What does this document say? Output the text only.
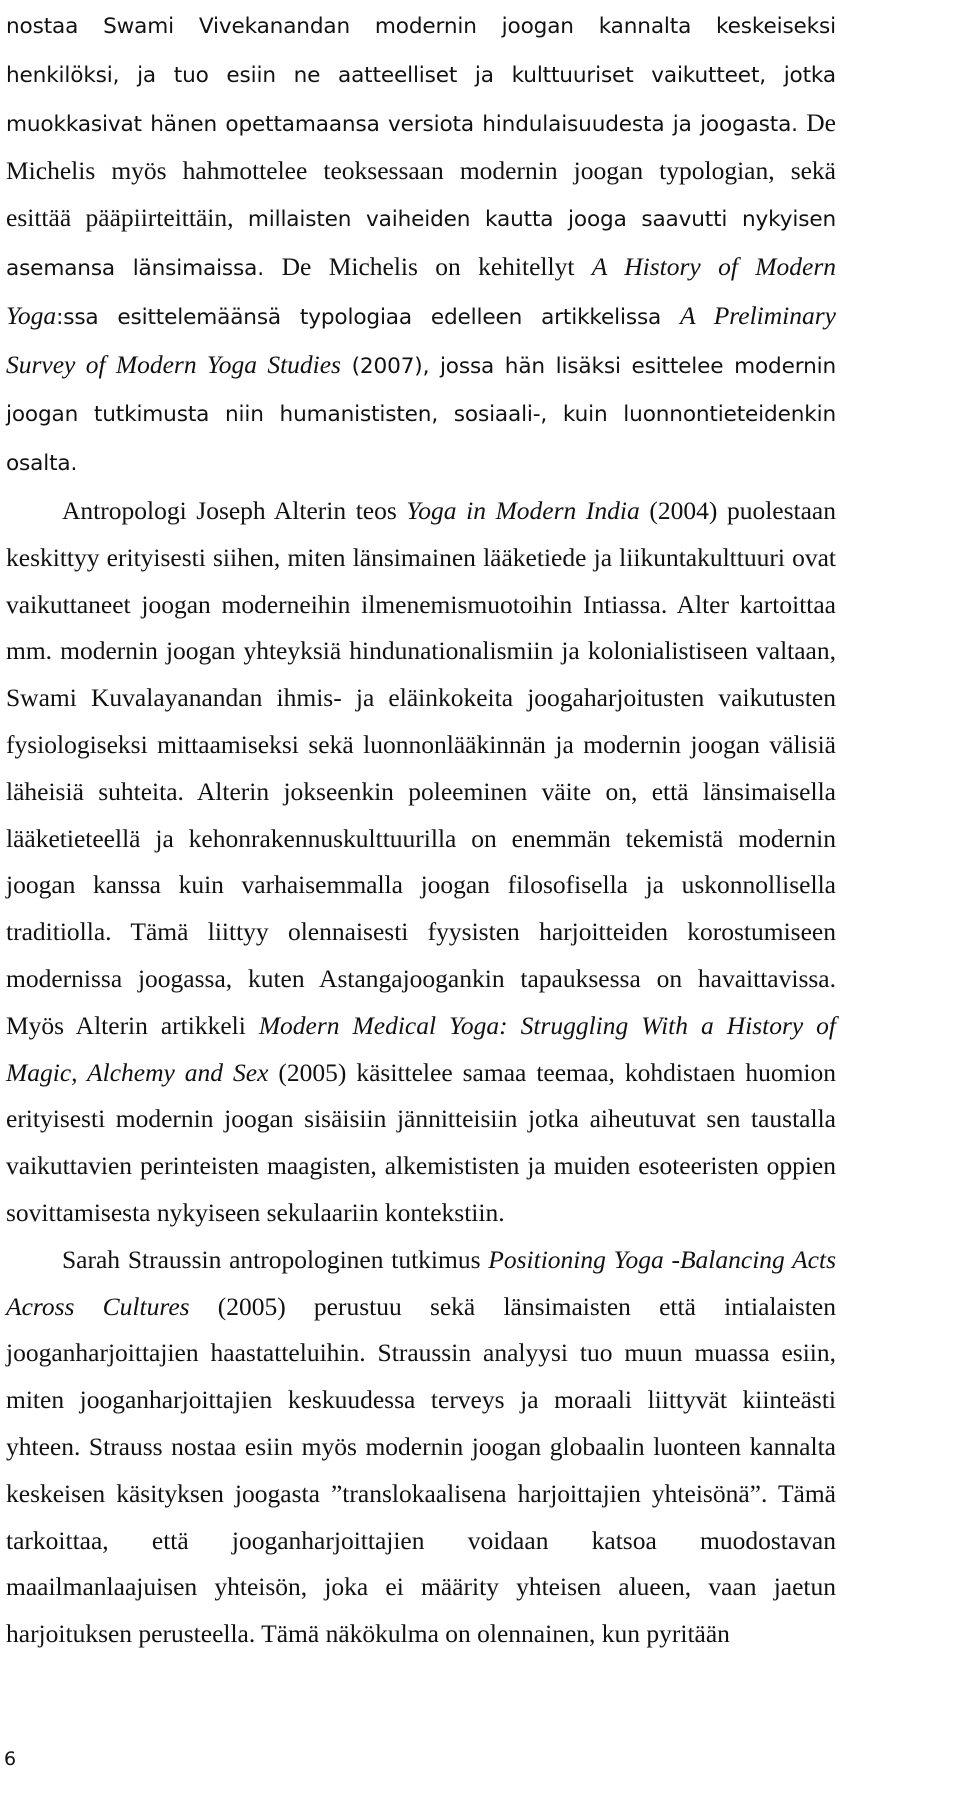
nostaa Swami Vivekanandan modernin joogan kannalta keskeiseksi henkilöksi, ja tuo esiin ne aatteelliset ja kulttuuriset vaikutteet, jotka muokkasivat hänen opettamaansa versiota hindulaisuudesta ja joogasta. De Michelis myös hahmottelee teoksessaan modernin joogan typologian, sekä esittää pääpiirteittäin, millaisten vaiheiden kautta jooga saavutti nykyisen asemansa länsimaissa. De Michelis on kehitellyt A History of Modern Yoga:ssa esittelemäänsä typologiaa edelleen artikkelissa A Preliminary Survey of Modern Yoga Studies (2007), jossa hän lisäksi esittelee modernin joogan tutkimusta niin humanististen, sosiaali-, kuin luonnontieteidenkin osalta.

Antropologi Joseph Alterin teos Yoga in Modern India (2004) puolestaan keskittyy erityisesti siihen, miten länsimainen lääketiede ja liikuntakulttuuri ovat vaikuttaneet joogan moderneihin ilmenemismuotoihin Intiassa. Alter kartoittaa mm. modernin joogan yhteyksiä hindunationalismiin ja kolonialistiseen valtaan, Swami Kuvalayanandan ihmis- ja eläinkokeita joogaharjoitusten vaikutusten fysiologiseksi mittaamiseksi sekä luonnonlääkinnän ja modernin joogan välisiä läheisiä suhteita. Alterin jokseenkin poleeminen väite on, että länsimaisella lääketieteellä ja kehonrakennuskulttuurilla on enemmän tekemistä modernin joogan kanssa kuin varhaisemmalla joogan filosofisella ja uskonnollisella traditiolla. Tämä liittyy olennaisesti fyysisten harjoitteiden korostumiseen modernissa joogassa, kuten Astangajoogankin tapauksessa on havaittavissa. Myös Alterin artikkeli Modern Medical Yoga: Struggling With a History of Magic, Alchemy and Sex (2005) käsittelee samaa teemaa, kohdistaen huomion erityisesti modernin joogan sisäisiin jännitteisiin jotka aiheutuvat sen taustalla vaikuttavien perinteisten maagisten, alkemististen ja muiden esoteeristen oppien sovittamisesta nykyiseen sekulaariin kontekstiin.

Sarah Straussin antropologinen tutkimus Positioning Yoga -Balancing Acts Across Cultures (2005) perustuu sekä länsimaisten että intialaisten jooganharjoittajien haastatteluihin. Straussin analyysi tuo muun muassa esiin, miten jooganharjoittajien keskuudessa terveys ja moraali liittyvät kiinteästi yhteen. Strauss nostaa esiin myös modernin joogan globaalin luonteen kannalta keskeisen käsityksen joogasta ”translokaalisena harjoittajien yhteisönä”. Tämä tarkoittaa, että jooganharjoittajien voidaan katsoa muodostavan maailmanlaajuisen yhteisön, joka ei määrity yhteisen alueen, vaan jaetun harjoituksen perusteella. Tämä näkökulma on olennainen, kun pyritään

6
